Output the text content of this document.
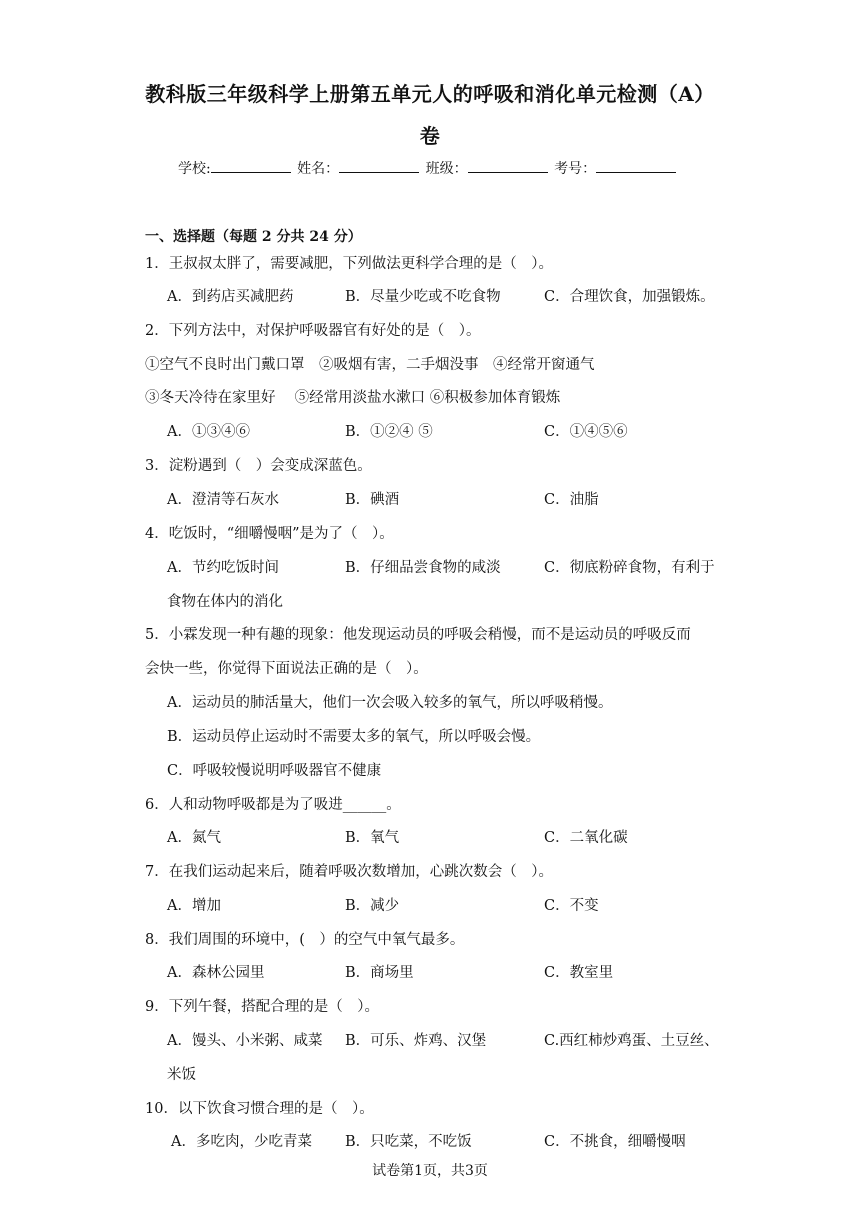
教科版三年级科学上册第五单元人的呼吸和消化单元检测（A）
卷
学校:	姓名：	班级：	考号：
一、选择题（每题 2 分共 24 分）
1．王叔叔太胖了，需要减肥，下列做法更科学合理的是（　）。
A．到药店买减肥药	B．尽量少吃或不吃食物	C．合理饮食，加强锻炼。
2．下列方法中，对保护呼吸器官有好处的是（　）。
①空气不良时出门戴口罩　②吸烟有害，二手烟没事　④经常开窗通气
③冬天冷待在家里好　 ⑤经常用淡盐水漱口 ⑥积极参加体育锻炼
A．①③④⑥	B．①②④ ⑤	C．①④⑤⑥
3．淀粉遇到（　）会变成深蓝色。
A．澄清等石灰水	B．碘酒	C．油脂
4．吃饭时，“细嚼慢咽”是为了（　）。
A．节约吃饭时间	B．仔细品尝食物的咸淡	C．彻底粉碎食物，有利于
食物在体内的消化
5．小霖发现一种有趣的现象：他发现运动员的呼吸会稍慢，而不是运动员的呼吸反而
会快一些，你觉得下面说法正确的是（　）。
A．运动员的肺活量大，他们一次会吸入较多的氧气，所以呼吸稍慢。
B．运动员停止运动时不需要太多的氧气，所以呼吸会慢。
C．呼吸较慢说明呼吸器官不健康
6．人和动物呼吸都是为了吸进______。
A．氮气	B．氧气	C．二氧化碳
7．在我们运动起来后，随着呼吸次数增加，心跳次数会（　）。
A．增加	B．减少	C．不变
8．我们周围的环境中，(　）的空气中氧气最多。
A．森林公园里	B．商场里	C．教室里
9．下列午餐，搭配合理的是（　）。
A．馒头、小米粥、咸菜 B．可乐、炸鸡、汉堡	C.西红柿炒鸡蛋、土豆丝、
米饭
10．以下饮食习惯合理的是（　）。
A．多吃肉，少吃青菜 B．只吃菜，不吃饭	C．不挑食，细嚼慢咽
试卷第1页，共3页
